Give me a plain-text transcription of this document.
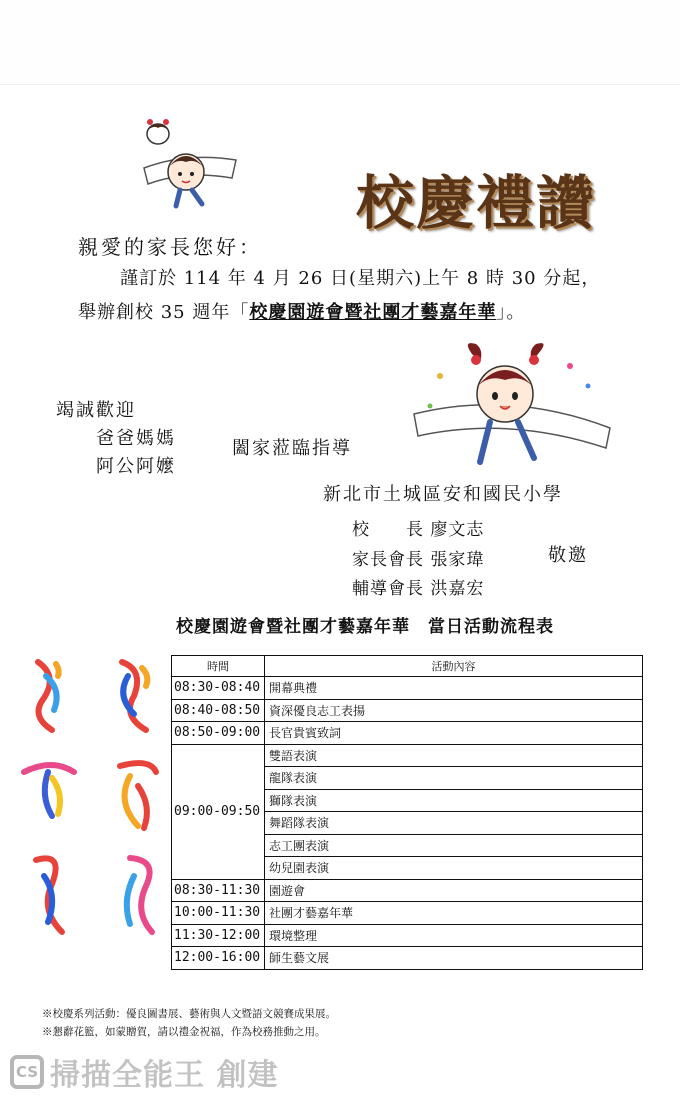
校慶禮讚
親愛的家長您好：
謹訂於 114 年 4 月 26 日(星期六)上午 8 時 30 分起，
舉辦創校 35 週年「校慶園遊會暨社團才藝嘉年華」。
竭誠歡迎
爸爸媽媽
阿公阿嬤
闔家蒞臨指導
新北市土城區安和國民小學
校　　長 廖文志
家長會長 張家瑋
輔導會長 洪嘉宏
敬邀
校慶園遊會暨社團才藝嘉年華　當日活動流程表
時間	活動內容
08:30-08:40	開幕典禮
08:40-08:50	資深優良志工表揚
08:50-09:00	長官貴賓致詞
09:00-09:50	雙語表演
	龍隊表演
	獅隊表演
	舞蹈隊表演
	志工團表演
	幼兒園表演
08:30-11:30	園遊會
10:00-11:30	社團才藝嘉年華
11:30-12:00	環境整理
12:00-16:00	師生藝文展
※校慶系列活動：優良圖書展、藝術與人文暨語文競賽成果展。
※懇辭花籃，如蒙贈賀，請以禮金祝福，作為校務推動之用。
CS 掃描全能王 創建
